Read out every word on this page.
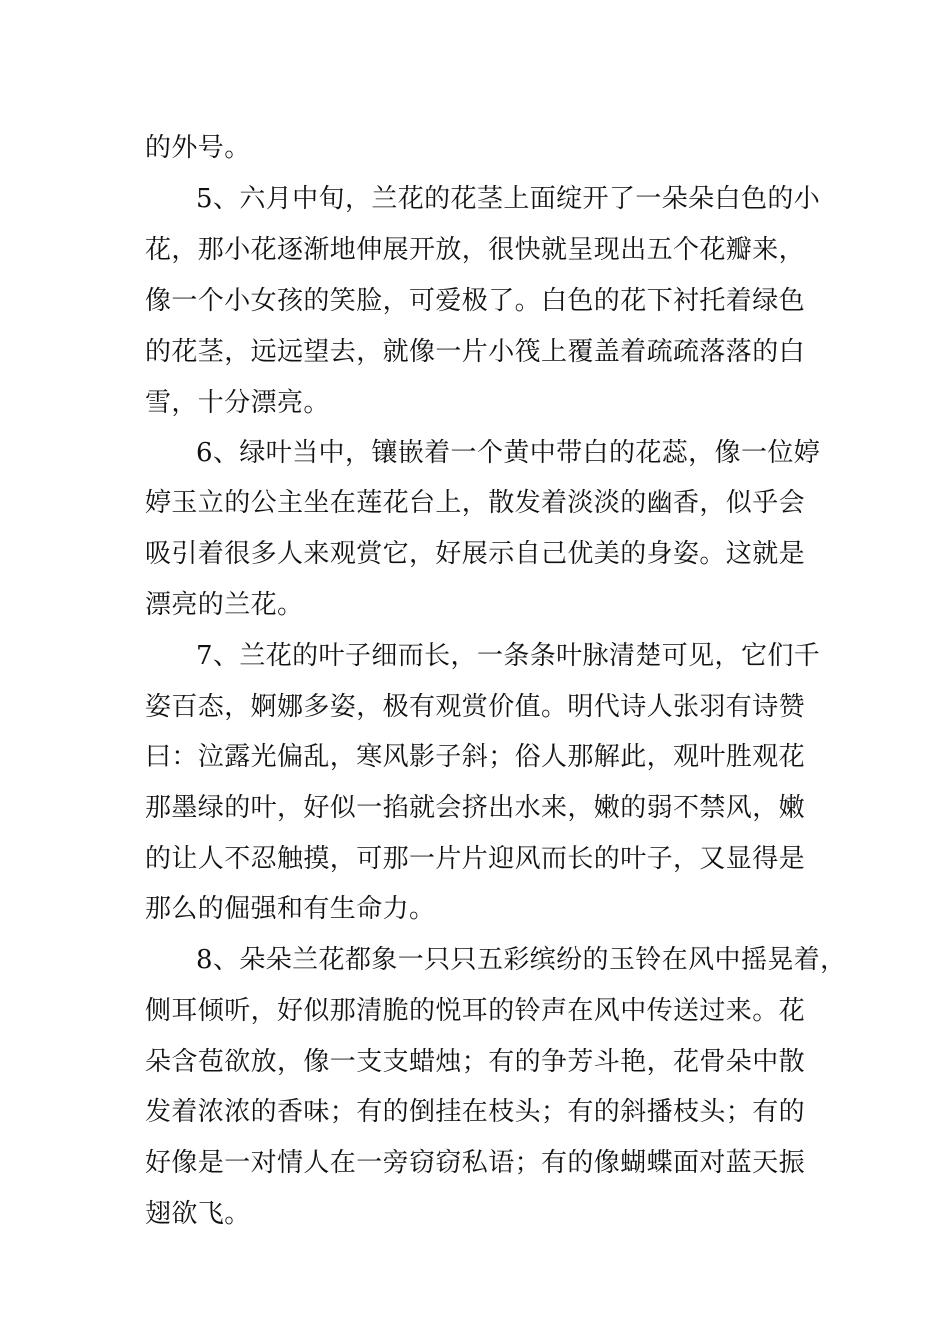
的外号。
5、六月中旬，兰花的花茎上面绽开了一朵朵白色的小
花，那小花逐渐地伸展开放，很快就呈现出五个花瓣来，
像一个小女孩的笑脸，可爱极了。白色的花下衬托着绿色
的花茎，远远望去，就像一片小筏上覆盖着疏疏落落的白
雪，十分漂亮。
6、绿叶当中，镶嵌着一个黄中带白的花蕊，像一位婷
婷玉立的公主坐在莲花台上，散发着淡淡的幽香，似乎会
吸引着很多人来观赏它，好展示自己优美的身姿。这就是
漂亮的兰花。
7、兰花的叶子细而长，一条条叶脉清楚可见，它们千
姿百态，婀娜多姿，极有观赏价值。明代诗人张羽有诗赞
曰：泣露光偏乱，寒风影子斜；俗人那解此，观叶胜观花
那墨绿的叶，好似一掐就会挤出水来，嫩的弱不禁风，嫩
的让人不忍触摸，可那一片片迎风而长的叶子，又显得是
那么的倔强和有生命力。
8、朵朵兰花都象一只只五彩缤纷的玉铃在风中摇晃着，
侧耳倾听，好似那清脆的悦耳的铃声在风中传送过来。花
朵含苞欲放，像一支支蜡烛；有的争芳斗艳，花骨朵中散
发着浓浓的香味；有的倒挂在枝头；有的斜播枝头；有的
好像是一对情人在一旁窃窃私语；有的像蝴蝶面对蓝天振
翅欲飞。
